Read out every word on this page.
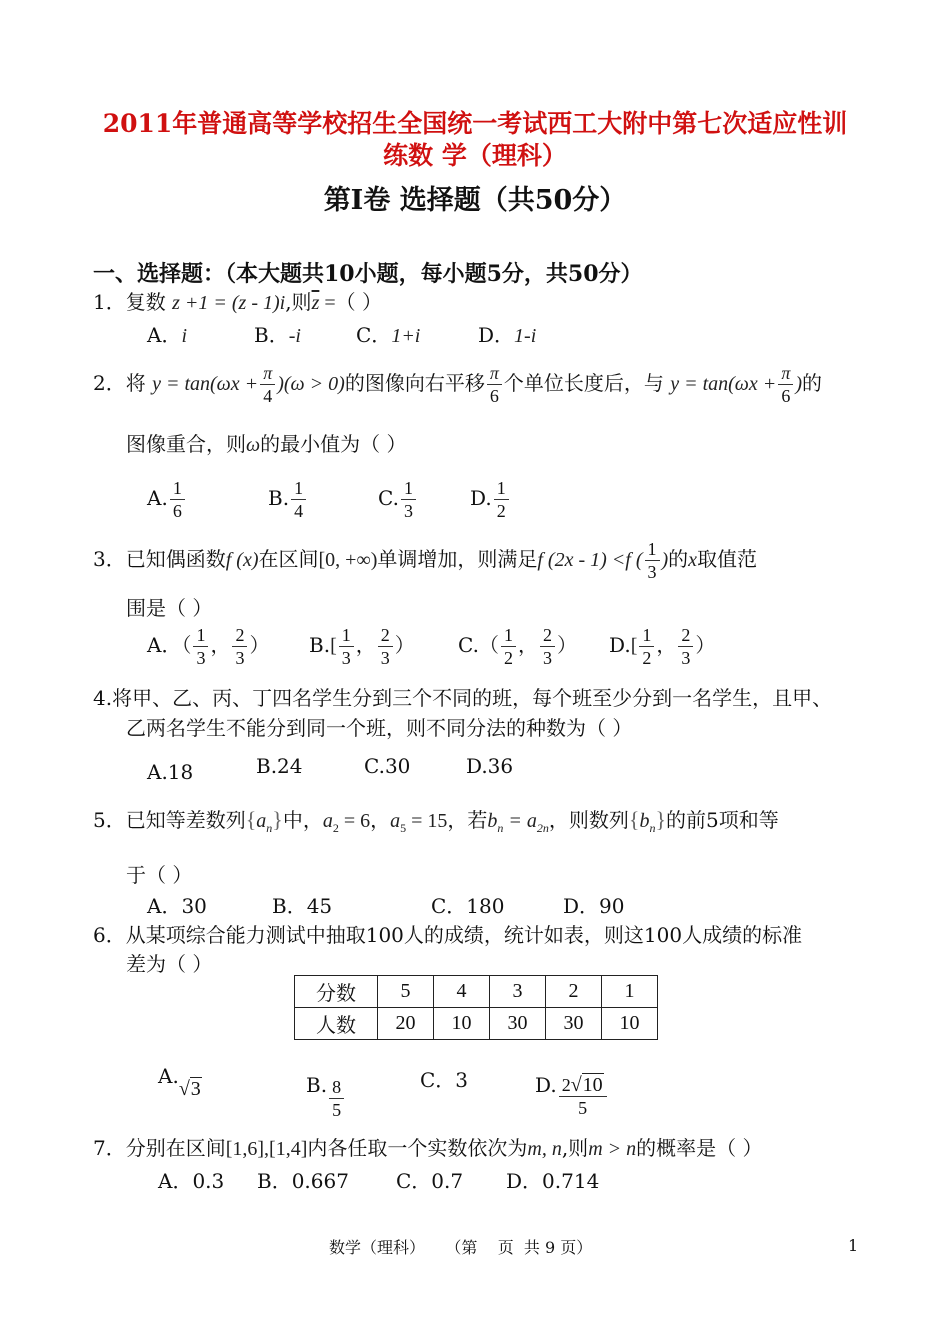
2011年普通高等学校招生全国统一考试西工大附中第七次适应性训
练数 学（理科）
第Ⅰ卷 选择题（共50分）
一、选择题：（本大题共10小题，每小题5分，共50分）
1．复数 z +1 = (z - 1)i,则$\overline{z}$ =（ ）
A．i	B．-i	C．1+i	D．1-i
2．将 $y = \tan(\omega x + \frac{\pi}{4} )(\omega > 0)$的图像向右平移 $\frac{\pi}{6}$ 个单位长度后，与 $y = \tan(\omega x + \frac{\pi}{6}$ )的
图像重合，则ω的最小值为（ ）
A. $\frac{1}{6}$	B. $\frac{1}{4}$	C. $\frac{1}{3}$	D. $\frac{1}{2}$
3．已知偶函数f (x)在区间[0, +∞)单调增加，则满足f (2x - 1) <f ( $\frac{1}{3}$ )的x取值范
围是（ ）
A．（ $\frac{1}{3}$ ， $\frac{2}{3}$ ） $B.[ \frac{1}{3}$ ， $\frac{2}{3}$ ） $C.( \frac{1}{2}$ ， $\frac{2}{3}$ ） $D.[ \frac{1}{2}$ ， $\frac{2}{3}$ ）
4.将甲、乙、丙、丁四名学生分到三个不同的班，每个班至少分到一名学生，且甲、
乙两名学生不能分到同一个班，则不同分法的种数为（ ）
A.18	B.24	C.30	D.36
5．已知等差数列$\{a_n\}$中，$a_2 = 6$，$a_5 = 15$，若$b_n = a_{2n}$，则数列$\{b_n\}$的前5项和等
于（ ）
A．30	B．45	C．180	D．90
6．从某项综合能力测试中抽取100人的成绩，统计如表，则这100人成绩的标准
差为（ ）
分数	5	4	3	2	1
人数	20	10	30	30	10
A.√3	B. $\frac{8}{5}$	C．3	D. $\frac{2√10}{5}$
7．分别在区间[1,6],[1,4]内各任取一个实数依次为m, n,则m > n的概率是（ ）
A．0.3 B．0.667 C．0.7 D．0.714
数学（理科）    （第    页  共 9 页）	1
